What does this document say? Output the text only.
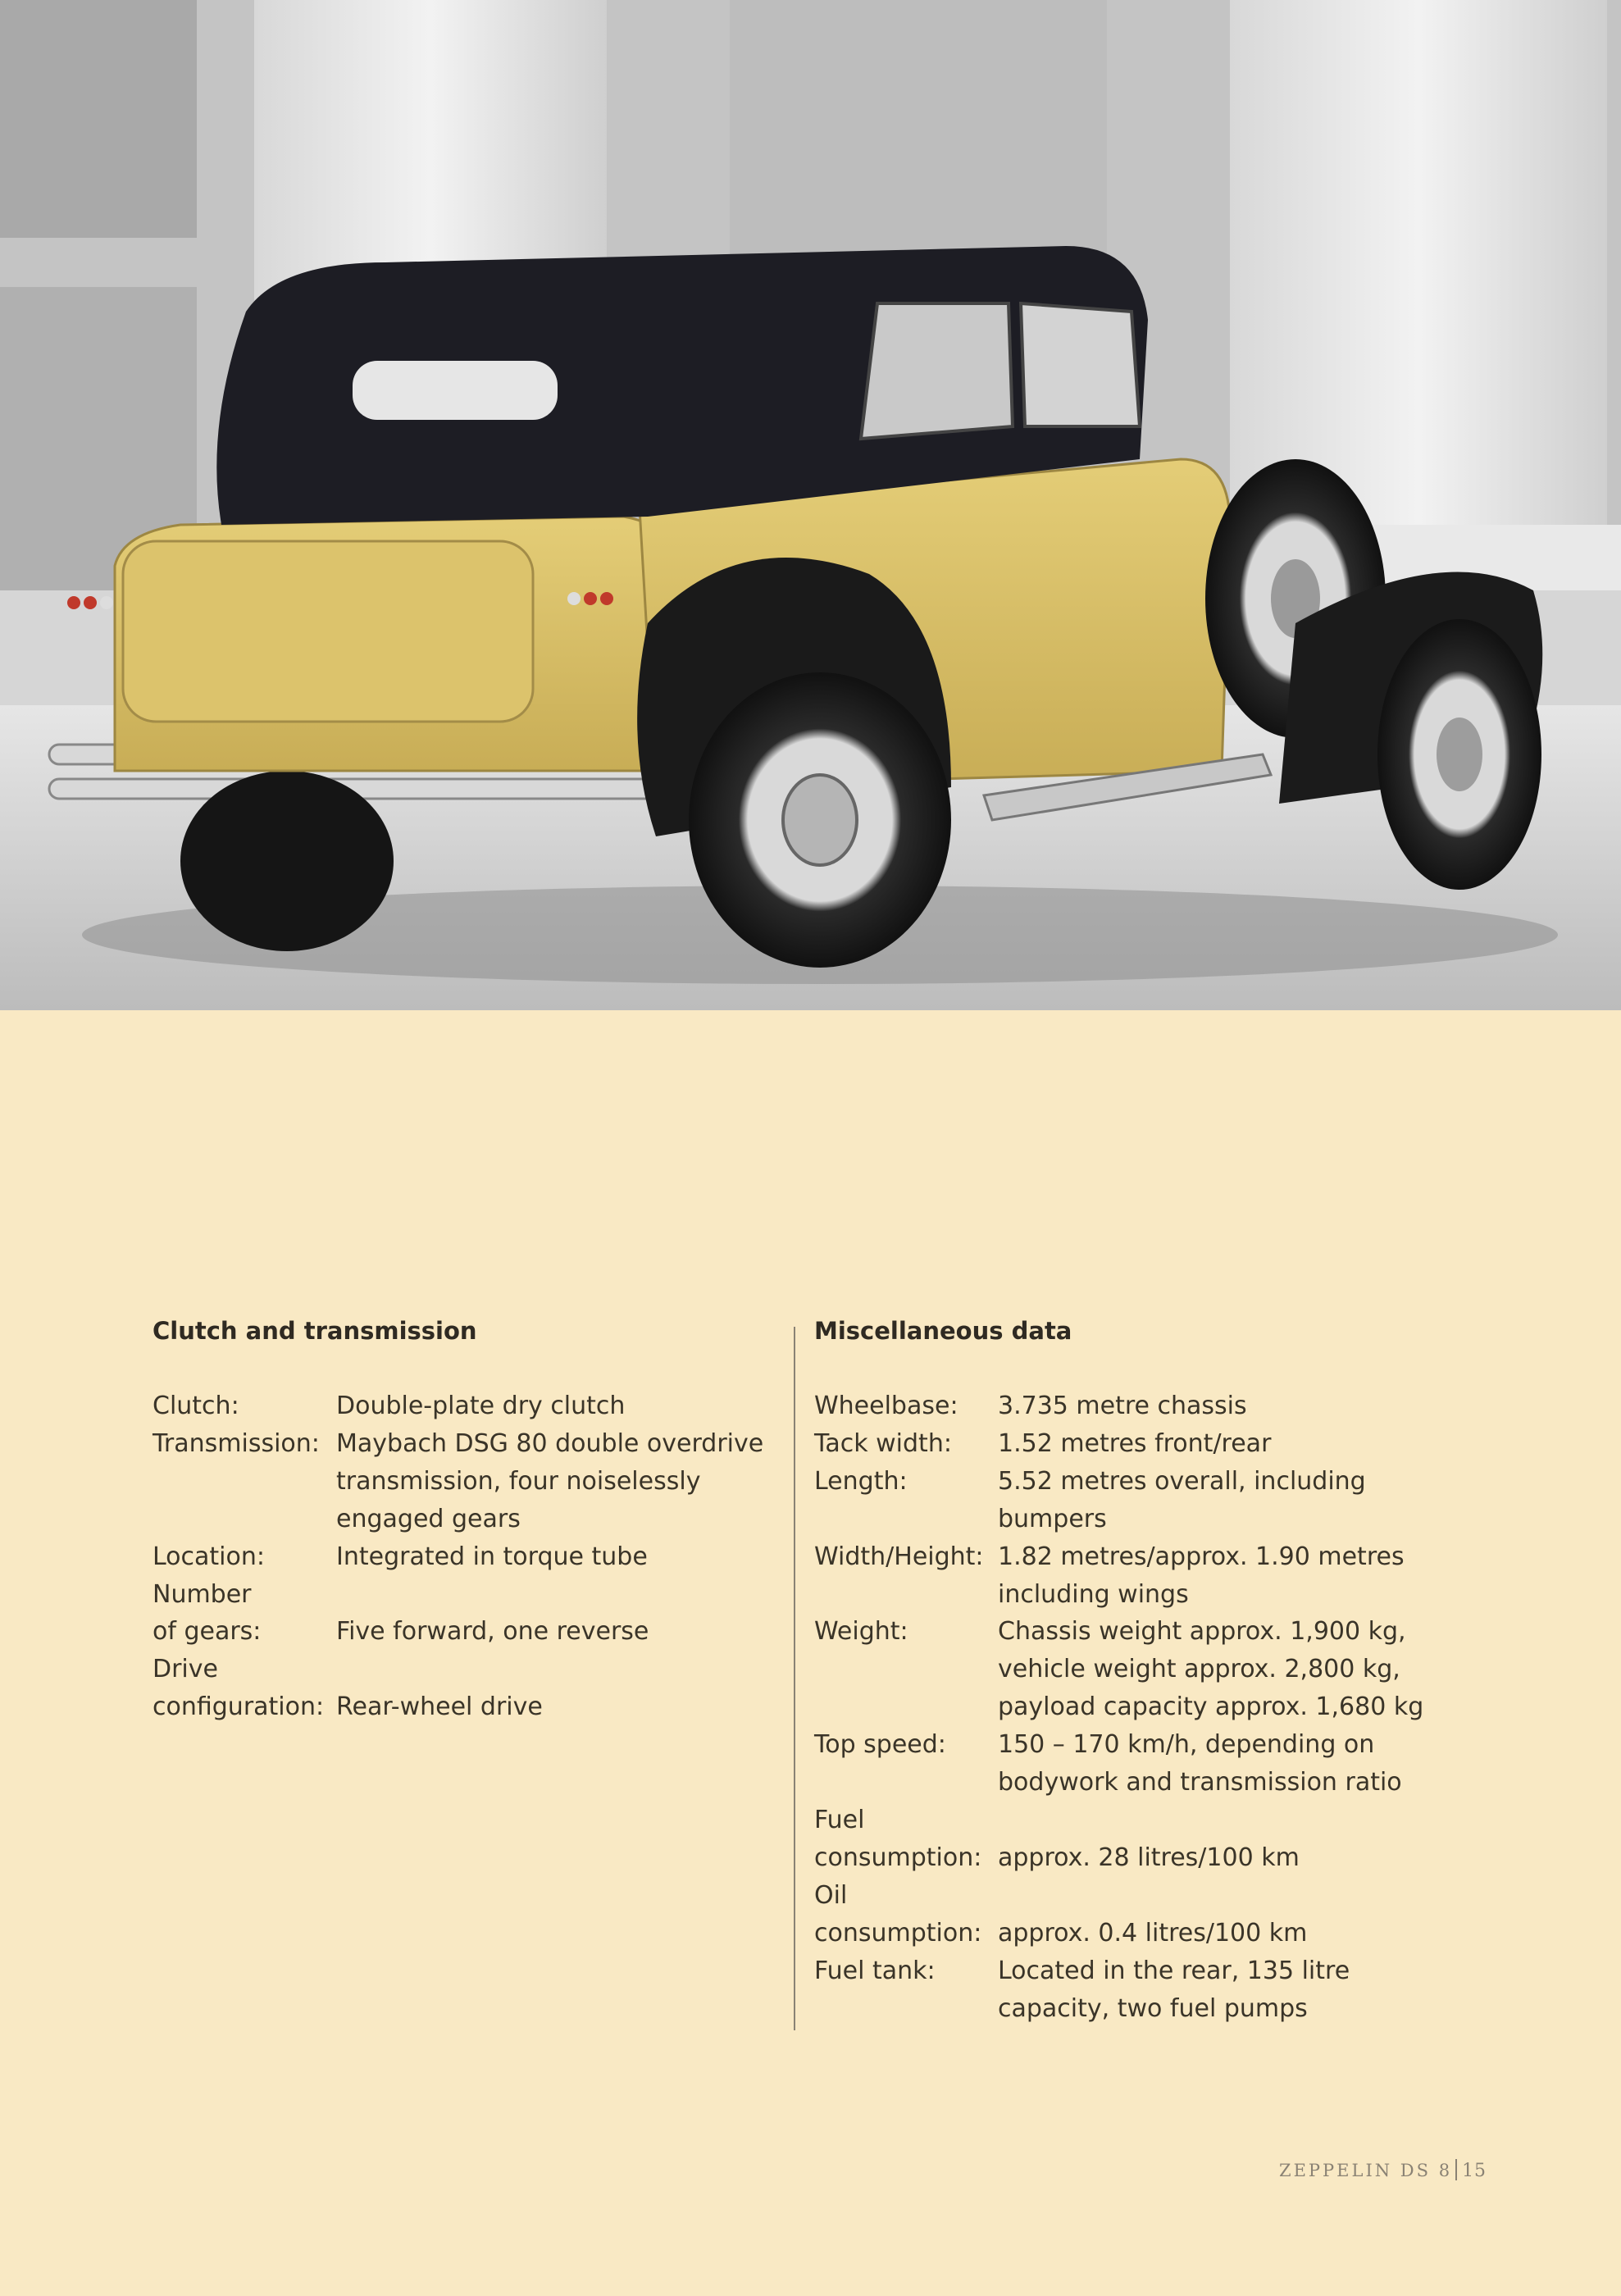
Clutch and transmission
Clutch:	Double-plate dry clutch
Transmission: Maybach DSG 80 double overdrive
transmission, four noiselessly
engaged gears
Location:	Integrated in torque tube
Number
of gears:	Five forward, one reverse
Drive
configuration: Rear-wheel drive
Miscellaneous data
Wheelbase:	3.735 metre chassis
Tack width:	1.52 metres front/rear
Length:	5.52 metres overall, including
bumpers
Width/Height: 1.82 metres/approx. 1.90 metres
including wings
Weight:	Chassis weight approx. 1,900 kg,
vehicle weight approx. 2,800 kg,
payload capacity approx. 1,680 kg
Top speed:	150 – 170 km/h, depending on
bodywork and transmission ratio
Fuel
consumption: approx. 28 litres/100 km
Oil
consumption: approx. 0.4 litres/100 km
Fuel tank:	Located in the rear, 135 litre
capacity, two fuel pumps
ZEPPELIN DS 8 15
